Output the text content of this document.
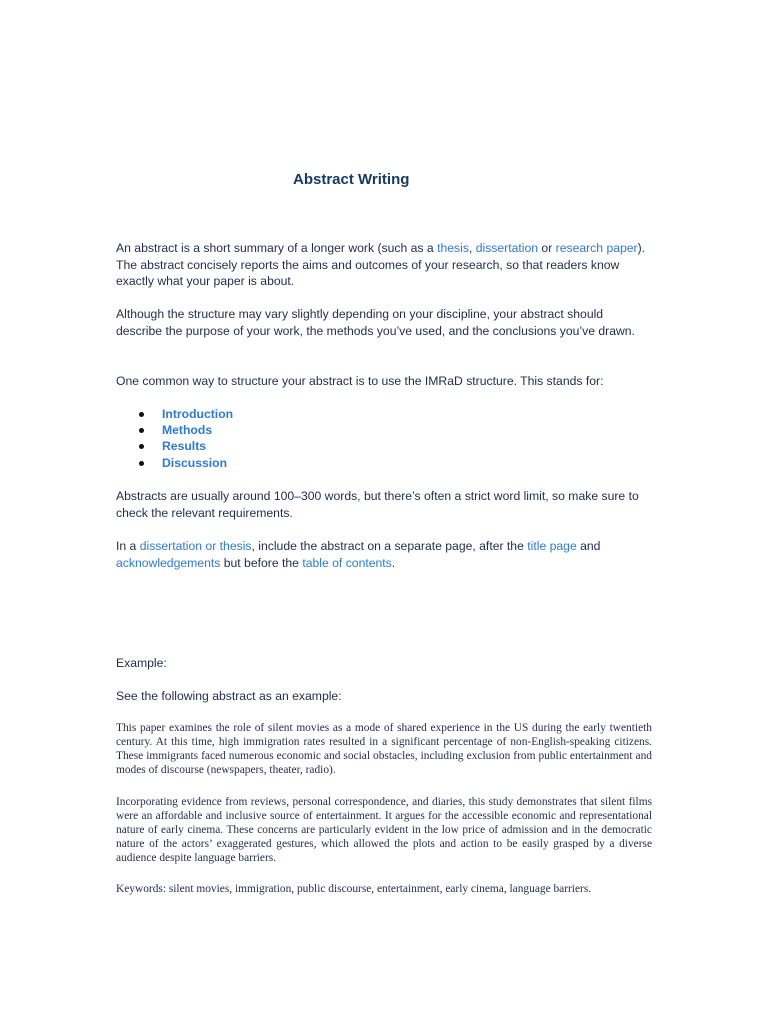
Abstract Writing

An abstract is a short summary of a longer work (such as a thesis, dissertation or research paper). The abstract concisely reports the aims and outcomes of your research, so that readers know exactly what your paper is about.

Although the structure may vary slightly depending on your discipline, your abstract should describe the purpose of your work, the methods you’ve used, and the conclusions you’ve drawn.

One common way to structure your abstract is to use the IMRaD structure. This stands for:

Introduction
Methods
Results
Discussion

Abstracts are usually around 100–300 words, but there’s often a strict word limit, so make sure to check the relevant requirements.

In a dissertation or thesis, include the abstract on a separate page, after the title page and acknowledgements but before the table of contents.

Example:

See the following abstract as an example:

This paper examines the role of silent movies as a mode of shared experience in the US during the early twentieth century. At this time, high immigration rates resulted in a significant percentage of non-English-speaking citizens. These immigrants faced numerous economic and social obstacles, including exclusion from public entertainment and modes of discourse (newspapers, theater, radio).

Incorporating evidence from reviews, personal correspondence, and diaries, this study demonstrates that silent films were an affordable and inclusive source of entertainment. It argues for the accessible economic and representational nature of early cinema. These concerns are particularly evident in the low price of admission and in the democratic nature of the actors’ exaggerated gestures, which allowed the plots and action to be easily grasped by a diverse audience despite language barriers.

Keywords: silent movies, immigration, public discourse, entertainment, early cinema, language barriers.
